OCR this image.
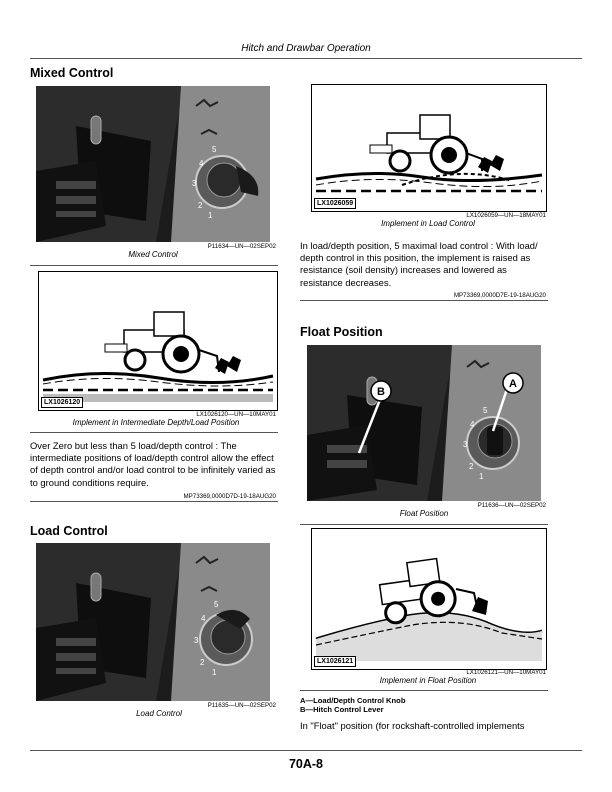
Hitch and Drawbar Operation
Mixed Control
5
4
3
2
1
P11634—UN—02SEP02
Mixed Control
LX1026120
LX1026120—UN—10MAY01
Implement in Intermediate Depth/Load Position
Over Zero but less than 5 load/depth control : The intermediate positions of load/depth control allow the effect of depth control and/or load control to be infinitely varied as to ground conditions require.
MP73369,0000D7D-19-18AUG20
Load Control
5
4
3
2
1
P11635—UN—02SEP02
Load Control
LX1026059
LX1026059—UN—18MAY01
Implement in Load Control
In load/depth position, 5 maximal load control : With load/ depth control in this position, the implement is raised as resistance (soil density) increases and lowered as resistance decreases.
MP73369,0000D7E-19-18AUG20
Float Position
5
4
3
2
1
B
A
P11636—UN—02SEP02
Float Position
LX1026121
LX1026121—UN—10MAY01
Implement in Float Position
A—Load/Depth Control Knob
B—Hitch Control Lever
In "Float" position (for rockshaft-controlled implements
70A-8
